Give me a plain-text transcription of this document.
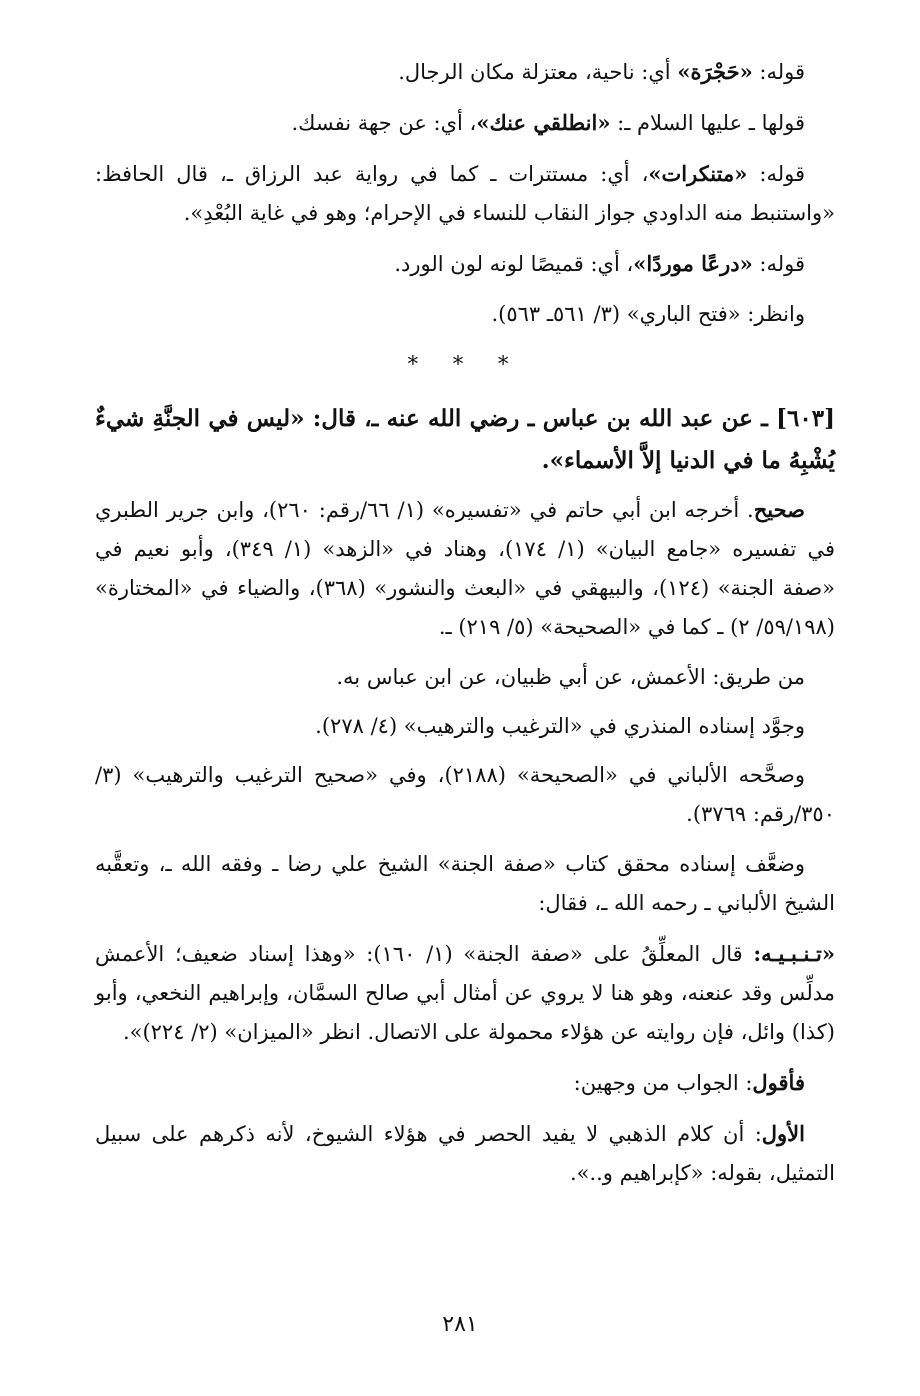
قوله: «حَجْرَة» أي: ناحية، معتزلة مكان الرجال.

قولها ـ عليها السلام ـ: «انطلقي عنك»، أي: عن جهة نفسك.

قوله: «متنكرات»، أي: مستترات ـ كما في رواية عبد الرزاق ـ، قال الحافظ: «واستنبط منه الداودي جواز النقاب للنساء في الإحرام؛ وهو في غاية البُعْدِ».

قوله: «درعًا موردًا»، أي: قميصًا لونه لون الورد.

وانظر: «فتح الباري» (٣/ ٥٦١ـ ٥٦٣).

* * *

[٦٠٣] ـ عن عبد الله بن عباس ـ رضي الله عنه ـ، قال: «ليس في الجنَّةِ شيءٌ يُشْبِهُ ما في الدنيا إلاَّ الأسماء».

صحيح. أخرجه ابن أبي حاتم في «تفسيره» (١/ ٦٦/رقم: ٢٦٠)، وابن جرير الطبري في تفسيره «جامع البيان» (١/ ١٧٤)، وهناد في «الزهد» (١/ ٣٤٩)، وأبو نعيم في «صفة الجنة» (١٢٤)، والبيهقي في «البعث والنشور» (٣٦٨)، والضياء في «المختارة» (٥٩/١٩٨/ ٢) ـ كما في «الصحيحة» (٥/ ٢١٩) ـ.

من طريق: الأعمش، عن أبي ظبيان، عن ابن عباس به.

وجوَّد إسناده المنذري في «الترغيب والترهيب» (٤/ ٢٧٨).

وصحَّحه الألباني في «الصحيحة» (٢١٨٨)، وفي «صحيح الترغيب والترهيب» (٣/ ٣٥٠/رقم: ٣٧٦٩).

وضعَّف إسناده محقق كتاب «صفة الجنة» الشيخ علي رضا ـ وفقه الله ـ، وتعقَّبه الشيخ الألباني ـ رحمه الله ـ، فقال:

«تـنـبـيـه: قال المعلِّقُ على «صفة الجنة» (١/ ١٦٠): «وهذا إسناد ضعيف؛ الأعمش مدلِّس وقد عنعنه، وهو هنا لا يروي عن أمثال أبي صالح السمَّان، وإبراهيم النخعي، وأبو (كذا) وائل، فإن روايته عن هؤلاء محمولة على الاتصال. انظر «الميزان» (٢/ ٢٢٤)».

فأقول: الجواب من وجهين:

الأول: أن كلام الذهبي لا يفيد الحصر في هؤلاء الشيوخ، لأنه ذكرهم على سبيل التمثيل، بقوله: «كإبراهيم و..».

٢٨١
